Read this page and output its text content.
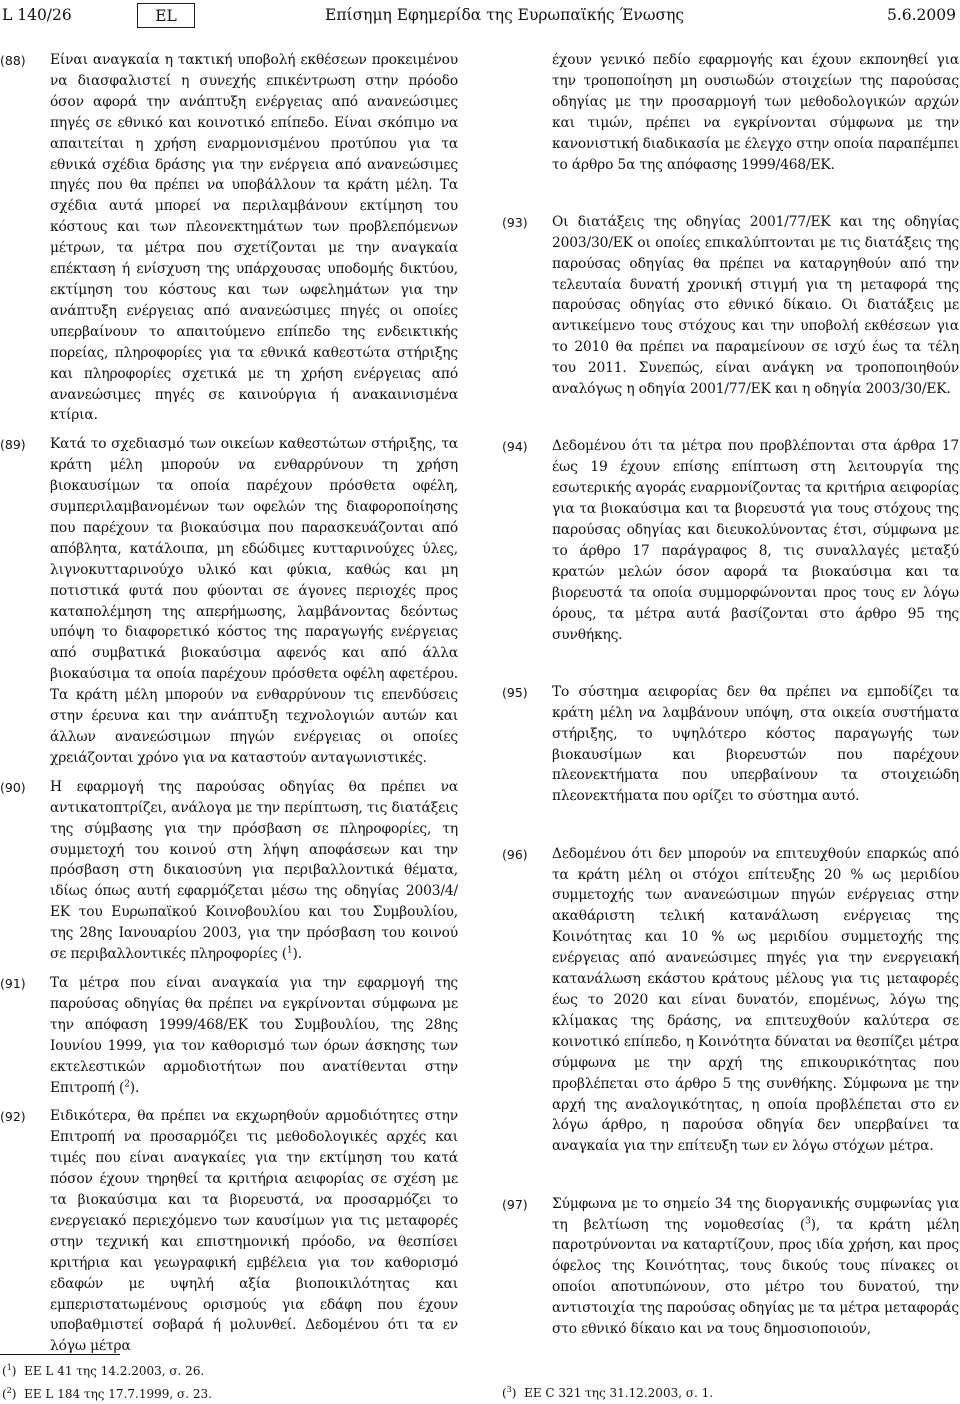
L 140/26	EL	Επίσημη Εφημερίδα της Ευρωπαϊκής Ένωσης	5.6.2009
(88)	Είναι αναγκαία η τακτική υποβολή εκθέσεων προκειμένου να διασφαλιστεί η συνεχής επικέντρωση στην πρόοδο όσον αφορά την ανάπτυξη ενέργειας από ανανεώσιμες πηγές σε εθνικό και κοινοτικό επίπεδο. Είναι σκόπιμο να απαιτείται η χρήση εναρμονισμένου προτύπου για τα εθνικά σχέδια δράσης για την ενέργεια από ανανεώσιμες πηγές που θα πρέπει να υποβάλλουν τα κράτη μέλη. Τα σχέδια αυτά μπορεί να περιλαμβάνουν εκτίμηση του κόστους και των πλεονεκτημάτων των προβλεπόμενων μέτρων, τα μέτρα που σχετίζονται με την αναγκαία επέκταση ή ενίσχυση της υπάρχουσας υποδομής δικτύου, εκτίμηση του κόστους και των ωφελημάτων για την ανάπτυξη ενέργειας από ανανεώσιμες πηγές οι οποίες υπερβαίνουν το απαιτούμενο επίπεδο της ενδεικτικής πορείας, πληροφορίες για τα εθνικά καθεστώτα στήριξης και πληροφορίες σχετικά με τη χρήση ενέργειας από ανανεώσιμες πηγές σε καινούργια ή ανακαινισμένα κτίρια.
(89)	Κατά το σχεδιασμό των οικείων καθεστώτων στήριξης, τα κράτη μέλη μπορούν να ενθαρρύνουν τη χρήση βιοκαυσίμων τα οποία παρέχουν πρόσθετα οφέλη, συμπεριλαμβανομένων των οφελών της διαφοροποίησης που παρέχουν τα βιοκαύσιμα που παρασκευάζονται από απόβλητα, κατάλοιπα, μη εδώδιμες κυτταρινούχες ύλες, λιγνοκυτταρινούχο υλικό και φύκια, καθώς και μη ποτιστικά φυτά που φύονται σε άγονες περιοχές προς καταπολέμηση της απερήμωσης, λαμβάνοντας δεόντως υπόψη το διαφορετικό κόστος της παραγωγής ενέργειας από συμβατικά βιοκαύσιμα αφενός και από άλλα βιοκαύσιμα τα οποία παρέχουν πρόσθετα οφέλη αφετέρου. Τα κράτη μέλη μπορούν να ενθαρρύνουν τις επενδύσεις στην έρευνα και την ανάπτυξη τεχνολογιών αυτών και άλλων ανανεώσιμων πηγών ενέργειας οι οποίες χρειάζονται χρόνο για να καταστούν ανταγωνιστικές.
(90)	Η εφαρμογή της παρούσας οδηγίας θα πρέπει να αντικατοπτρίζει, ανάλογα με την περίπτωση, τις διατάξεις της σύμβασης για την πρόσβαση σε πληροφορίες, τη συμμετοχή του κοινού στη λήψη αποφάσεων και την πρόσβαση στη δικαιοσύνη για περιβαλλοντικά θέματα, ιδίως όπως αυτή εφαρμόζεται μέσω της οδηγίας 2003/4/ΕΚ του Ευρωπαϊκού Κοινοβουλίου και του Συμβουλίου, της 28ης Ιανουαρίου 2003, για την πρόσβαση του κοινού σε περιβαλλοντικές πληροφορίες ($^1$).
(91)	Τα μέτρα που είναι αναγκαία για την εφαρμογή της παρούσας οδηγίας θα πρέπει να εγκρίνονται σύμφωνα με την απόφαση 1999/468/ΕΚ του Συμβουλίου, της 28ης Ιουνίου 1999, για τον καθορισμό των όρων άσκησης των εκτελεστικών αρμοδιοτήτων που ανατίθενται στην Επιτροπή ($^2$).
(92)	Ειδικότερα, θα πρέπει να εκχωρηθούν αρμοδιότητες στην Επιτροπή να προσαρμόζει τις μεθοδολογικές αρχές και τιμές που είναι αναγκαίες για την εκτίμηση του κατά πόσον έχουν τηρηθεί τα κριτήρια αειφορίας σε σχέση με τα βιοκαύσιμα και τα βιορευστά, να προσαρμόζει το ενεργειακό περιεχόμενο των καυσίμων για τις μεταφορές στην τεχνική και επιστημονική πρόοδο, να θεσπίσει κριτήρια και γεωγραφική εμβέλεια για τον καθορισμό εδαφών με υψηλή αξία βιοποικιλότητας και εμπεριστατωμένους ορισμούς για εδάφη που έχουν υποβαθμιστεί σοβαρά ή μολυνθεί. Δεδομένου ότι τα εν λόγω μέτρα
έχουν γενικό πεδίο εφαρμογής και έχουν εκπονηθεί για την τροποποίηση μη ουσιωδών στοιχείων της παρούσας οδηγίας με την προσαρμογή των μεθοδολογικών αρχών και τιμών, πρέπει να εγκρίνονται σύμφωνα με την κανονιστική διαδικασία με έλεγχο στην οποία παραπέμπει το άρθρο 5α της απόφασης 1999/468/ΕΚ.
(93)	Οι διατάξεις της οδηγίας 2001/77/ΕΚ και της οδηγίας 2003/30/ΕΚ οι οποίες επικαλύπτονται με τις διατάξεις της παρούσας οδηγίας θα πρέπει να καταργηθούν από την τελευταία δυνατή χρονική στιγμή για τη μεταφορά της παρούσας οδηγίας στο εθνικό δίκαιο. Οι διατάξεις με αντικείμενο τους στόχους και την υποβολή εκθέσεων για το 2010 θα πρέπει να παραμείνουν σε ισχύ έως τα τέλη του 2011. Συνεπώς, είναι ανάγκη να τροποποιηθούν αναλόγως η οδηγία 2001/77/ΕΚ και η οδηγία 2003/30/ΕΚ.
(94)	Δεδομένου ότι τα μέτρα που προβλέπονται στα άρθρα 17 έως 19 έχουν επίσης επίπτωση στη λειτουργία της εσωτερικής αγοράς εναρμονίζοντας τα κριτήρια αειφορίας για τα βιοκαύσιμα και τα βιορευστά για τους στόχους της παρούσας οδηγίας και διευκολύνοντας έτσι, σύμφωνα με το άρθρο 17 παράγραφος 8, τις συναλλαγές μεταξύ κρατών μελών όσον αφορά τα βιοκαύσιμα και τα βιορευστά τα οποία συμμορφώνονται προς τους εν λόγω όρους, τα μέτρα αυτά βασίζονται στο άρθρο 95 της συνθήκης.
(95)	Το σύστημα αειφορίας δεν θα πρέπει να εμποδίζει τα κράτη μέλη να λαμβάνουν υπόψη, στα οικεία συστήματα στήριξης, το υψηλότερο κόστος παραγωγής των βιοκαυσίμων και βιορευστών που παρέχουν πλεονεκτήματα που υπερβαίνουν τα στοιχειώδη πλεονεκτήματα που ορίζει το σύστημα αυτό.
(96)	Δεδομένου ότι δεν μπορούν να επιτευχθούν επαρκώς από τα κράτη μέλη οι στόχοι επίτευξης 20 % ως μεριδίου συμμετοχής των ανανεώσιμων πηγών ενέργειας στην ακαθάριστη τελική κατανάλωση ενέργειας της Κοινότητας και 10 % ως μεριδίου συμμετοχής της ενέργειας από ανανεώσιμες πηγές για την ενεργειακή κατανάλωση εκάστου κράτους μέλους για τις μεταφορές έως το 2020 και είναι δυνατόν, επομένως, λόγω της κλίμακας της δράσης, να επιτευχθούν καλύτερα σε κοινοτικό επίπεδο, η Κοινότητα δύναται να θεσπίζει μέτρα σύμφωνα με την αρχή της επικουρικότητας που προβλέπεται στο άρθρο 5 της συνθήκης. Σύμφωνα με την αρχή της αναλογικότητας, η οποία προβλέπεται στο εν λόγω άρθρο, η παρούσα οδηγία δεν υπερβαίνει τα αναγκαία για την επίτευξη των εν λόγω στόχων μέτρα.
(97)	Σύμφωνα με το σημείο 34 της διοργανικής συμφωνίας για τη βελτίωση της νομοθεσίας ($^3$), τα κράτη μέλη παροτρύνονται να καταρτίζουν, προς ιδία χρήση, και προς όφελος της Κοινότητας, τους δικούς τους πίνακες οι οποίοι αποτυπώνουν, στο μέτρο του δυνατού, την αντιστοιχία της παρούσας οδηγίας με τα μέτρα μεταφοράς στο εθνικό δίκαιο και να τους δημοσιοποιούν,
($^1$)  ΕΕ L 41 της 14.2.2003, σ. 26.
($^2$)  ΕΕ L 184 της 17.7.1999, σ. 23.	($^3$)  ΕΕ C 321 της 31.12.2003, σ. 1.
